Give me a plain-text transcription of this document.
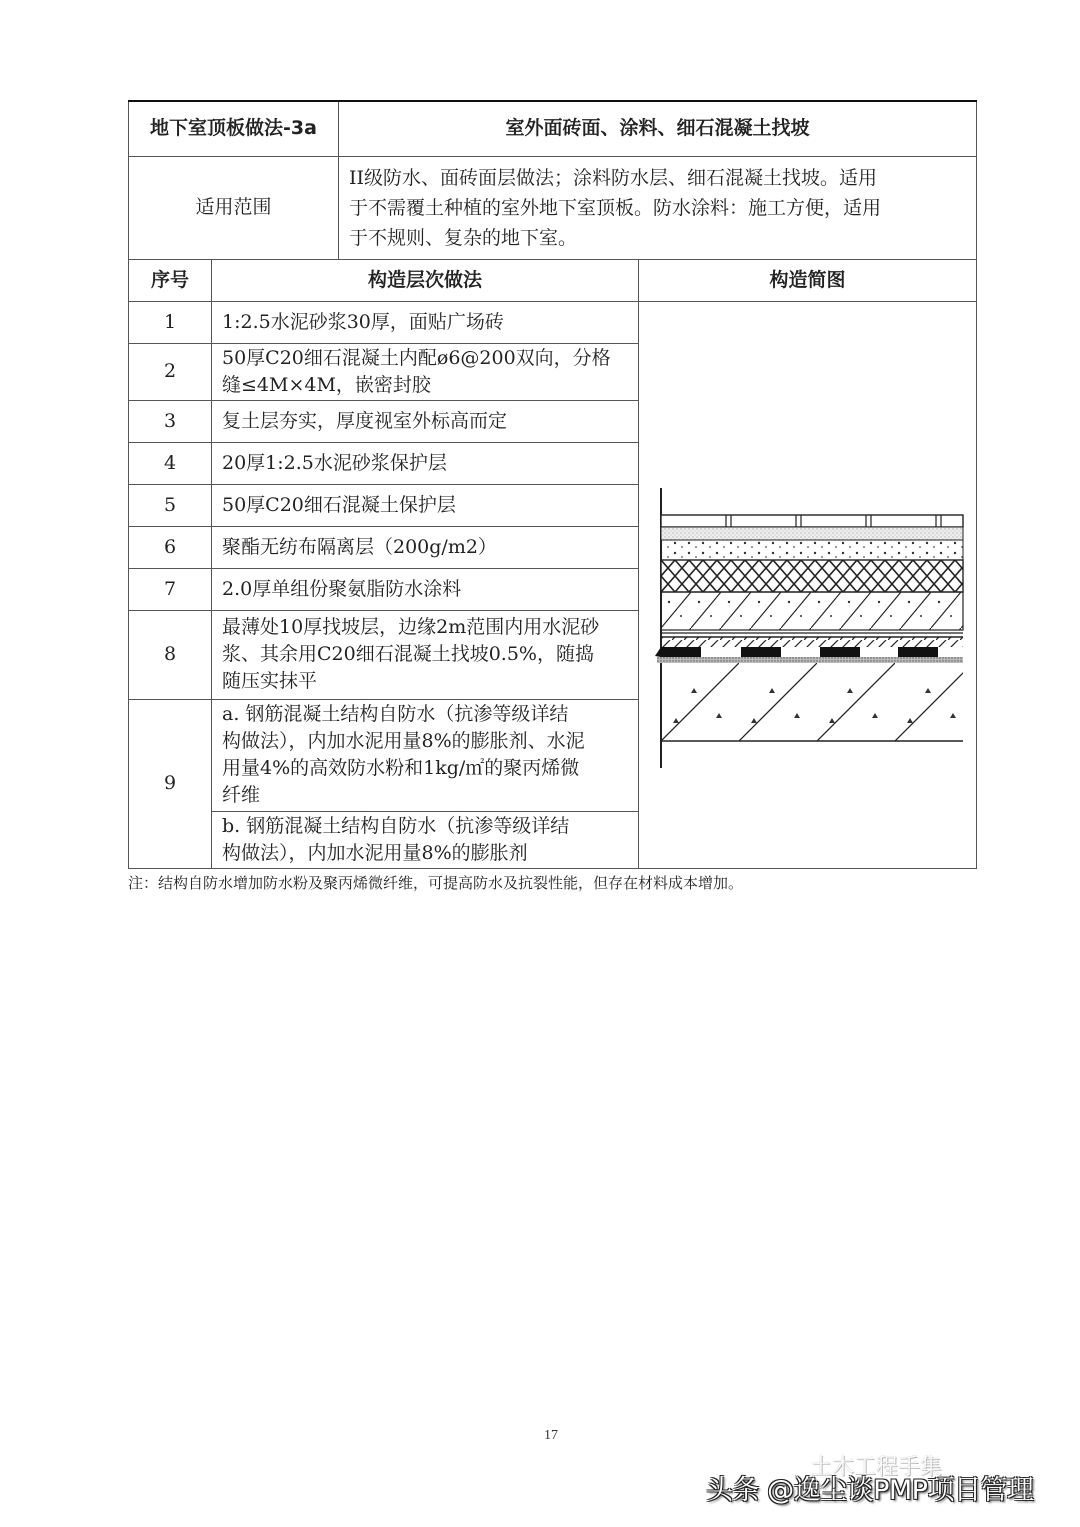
地下室顶板做法-3a		室外面砖面、涂料、细石混凝土找坡	
适用范围		II级防水、面砖面层做法；涂料防水层、细石混凝土找坡。适用
于不需覆土种植的室外地下室顶板。防水涂料：施工方便，适用
于不规则、复杂的地下室。	

序号	构造层次做法		构造简图
1	1:2.5水泥砂浆30厚，面贴广场砖		

2	50厚C20细石混凝土内配ø6@200双向，分格
缝≤4M×4M，嵌密封胶		

3	复土层夯实，厚度视室外标高而定		

4	20厚1:2.5水泥砂浆保护层		

5	50厚C20细石混凝土保护层		

6	聚酯无纺布隔离层（200g/m2）		

7	2.0厚单组份聚氨脂防水涂料		

8	最薄处10厚找坡层，边缘2m范围内用水泥砂
浆、其余用C20细石混凝土找坡0.5%，随捣
随压实抹平		

9	a. 钢筋混凝土结构自防水（抗渗等级详结
构做法），内加水泥用量8%的膨胀剂、水泥
用量4%的高效防水粉和1kg/㎡的聚丙烯微
纤维		

	b. 钢筋混凝土结构自防水（抗渗等级详结
构做法），内加水泥用量8%的膨胀剂		
注：结构自防水增加防水粉及聚丙烯微纤维，可提高防水及抗裂性能，但存在材料成本增加。
17
土木工程手集
头条 @逸尘谈PMP项目管理
